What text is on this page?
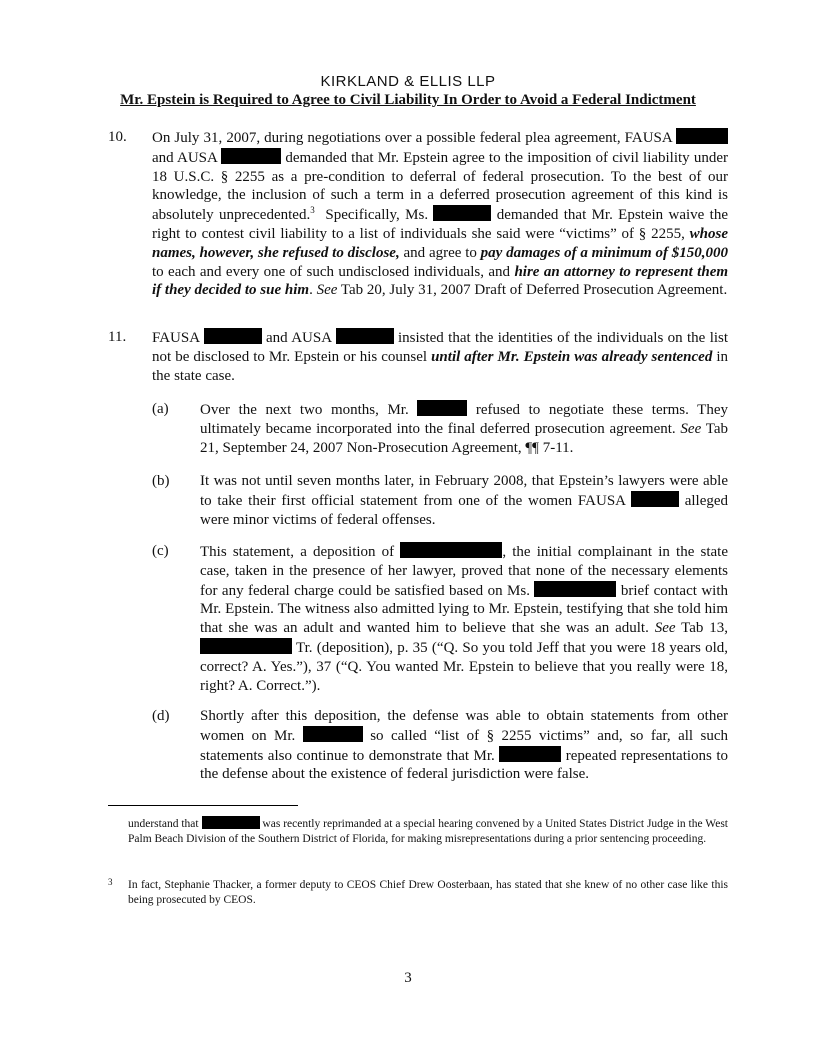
KIRKLAND & ELLIS LLP
Mr. Epstein is Required to Agree to Civil Liability In Order to Avoid a Federal Indictment
10.	On July 31, 2007, during negotiations over a possible federal plea agreement, FAUSA  and AUSA	demanded that Mr. Epstein agree to the imposition of civil liability under 18 U.S.C. § 2255 as a pre-condition to deferral of federal prosecution. To the best of our knowledge, the inclusion of such a term in a deferred prosecution agreement of this kind is absolutely unprecedented.$^3$ Specifically, Ms.	demanded that Mr. Epstein waive the right to contest civil liability to a list of individuals she said were “victims” of § 2255, whose names, however, she refused to disclose, and agree to pay damages of a minimum of $150,000 to each and every one of such undisclosed individuals, and hire an attorney to represent them if they decided to sue him. See Tab 20, July 31, 2007 Draft of Deferred Prosecution Agreement.
11.	FAUSA	and AUSA	insisted that the identities of the individuals on the list not be disclosed to Mr. Epstein or his counsel until after Mr. Epstein was already sentenced in the state case.
(a) Over the next two months, Mr.	refused to negotiate these terms. They ultimately became incorporated into the final deferred prosecution agreement. See Tab 21, September 24, 2007 Non-Prosecution Agreement, ¶¶ 7-11.
(b) It was not until seven months later, in February 2008, that Epstein’s lawyers were able to take their first official statement from one of the women FAUSA	alleged were minor victims of federal offenses.
(c) This statement, a deposition of	, the initial complainant in the state case, taken in the presence of her lawyer, proved that none of the necessary elements for any federal charge could be satisfied based on Ms.	brief contact with Mr. Epstein. The witness also admitted lying to Mr. Epstein, testifying that she told him that she was an adult and wanted him to believe that she was an adult. See Tab 13,  Tr. (deposition), p. 35 (“Q. So you told Jeff that you were 18 years old, correct? A. Yes.”), 37 (“Q. You wanted Mr. Epstein to believe that you really were 18, right? A. Correct.”).
(d) Shortly after this deposition, the defense was able to obtain statements from other women on Mr.	so called “list of § 2255 victims” and, so far, all such statements also continue to demonstrate that Mr.	repeated representations to the defense about the existence of federal jurisdiction were false.
understand that	was recently reprimanded at a special hearing convened by a United States District Judge in the West Palm Beach Division of the Southern District of Florida, for making misrepresentations during a prior sentencing proceeding.
3 In fact, Stephanie Thacker, a former deputy to CEOS Chief Drew Oosterbaan, has stated that she knew of no other case like this being prosecuted by CEOS.
3
